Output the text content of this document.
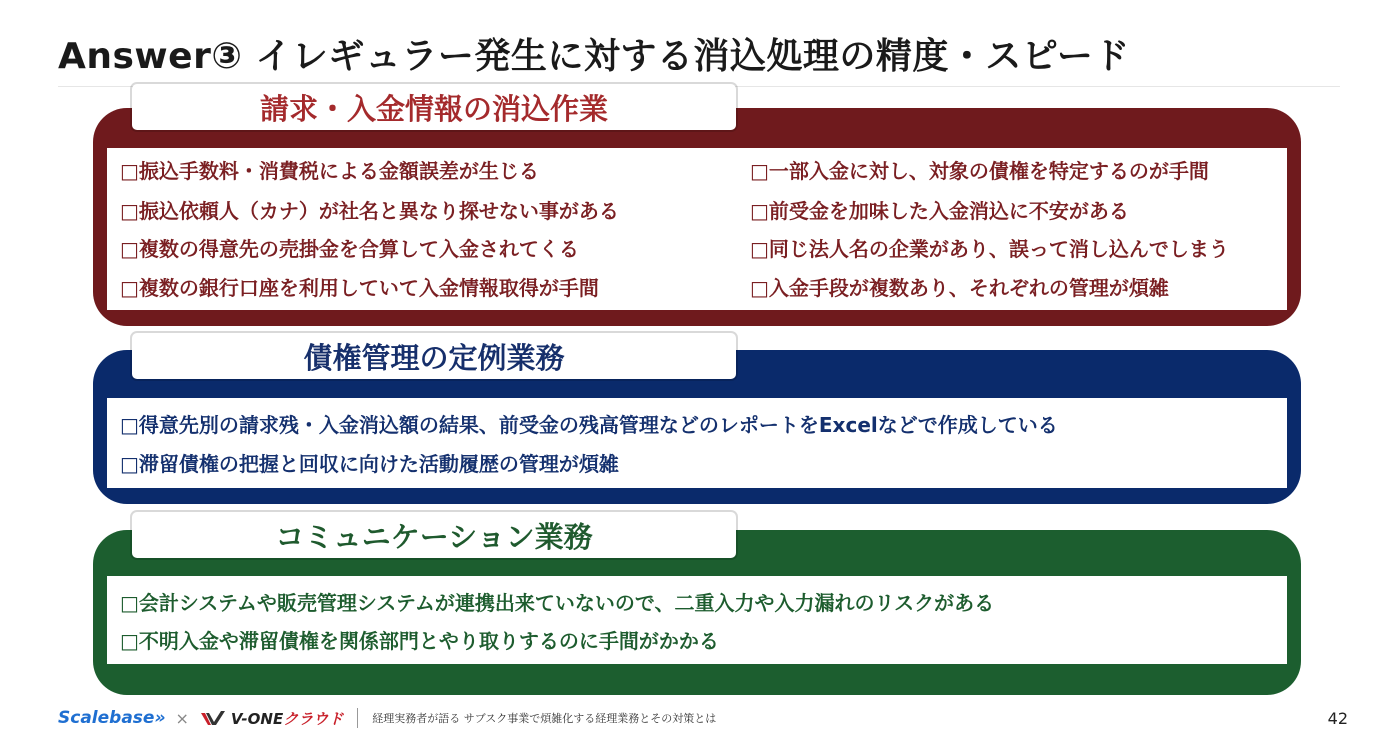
Answer③ イレギュラー発生に対する消込処理の精度・スピード
請求・入金情報の消込作業
□振込手数料・消費税による金額誤差が生じる
□振込依頼人（カナ）が社名と異なり探せない事がある
□複数の得意先の売掛金を合算して入金されてくる
□複数の銀行口座を利用していて入金情報取得が手間
□一部入金に対し、対象の債権を特定するのが手間
□前受金を加味した入金消込に不安がある
□同じ法人名の企業があり、誤って消し込んでしまう
□入金手段が複数あり、それぞれの管理が煩雑
債権管理の定例業務
□得意先別の請求残・入金消込額の結果、前受金の残高管理などのレポートをExcelなどで作成している
□滞留債権の把握と回収に向けた活動履歴の管理が煩雑
コミュニケーション業務
□会計システムや販売管理システムが連携出来ていないので、二重入力や入力漏れのリスクがある
□不明入金や滞留債権を関係部門とやり取りするのに手間がかかる
Scalebase» ×	V-ONEクラウド	経理実務者が語る サブスク事業で煩雑化する経理業務とその対策とは	42
